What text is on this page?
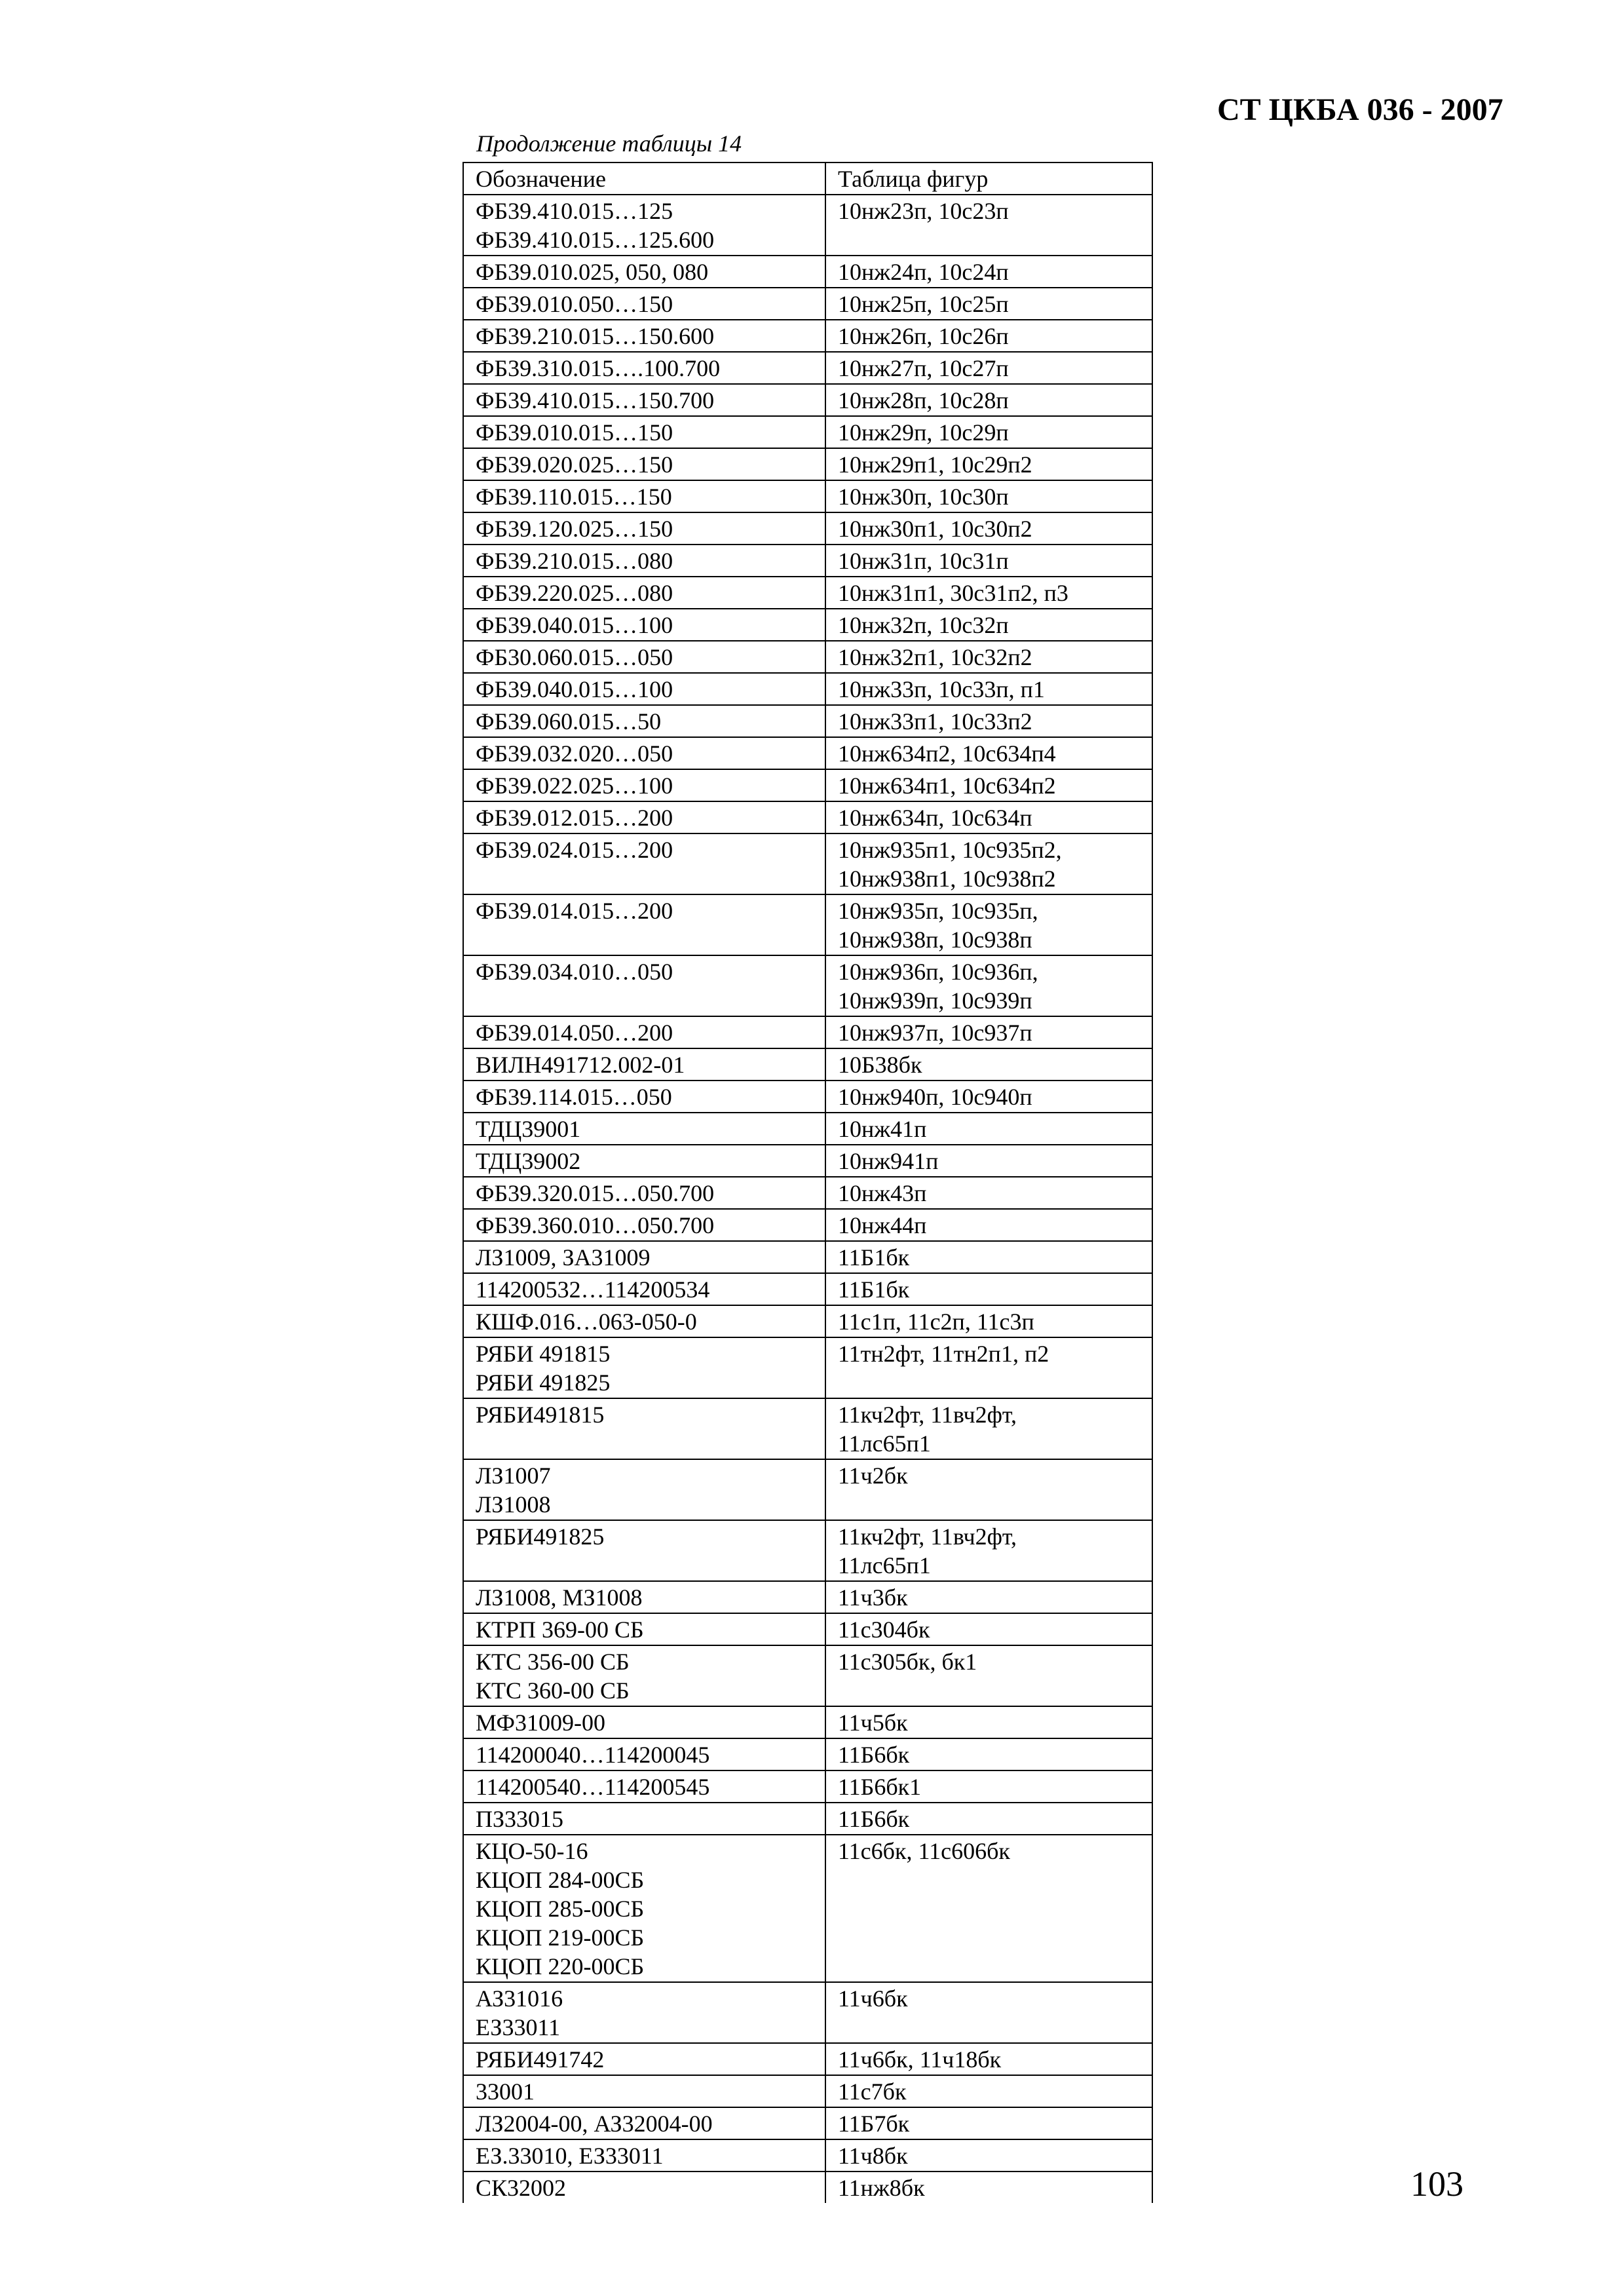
СТ ЦКБА 036 - 2007
Продолжение таблицы 14
Обозначение	Таблица фигур
ФБ39.410.015…125
ФБ39.410.015…125.600	10нж23п, 10с23п
ФБ39.010.025, 050, 080	10нж24п, 10с24п
ФБ39.010.050…150	10нж25п, 10с25п
ФБ39.210.015…150.600	10нж26п, 10с26п
ФБ39.310.015….100.700	10нж27п, 10с27п
ФБ39.410.015…150.700	10нж28п, 10с28п
ФБ39.010.015…150	10нж29п, 10с29п
ФБ39.020.025…150	10нж29п1, 10с29п2
ФБ39.110.015…150	10нж30п, 10с30п
ФБ39.120.025…150	10нж30п1, 10с30п2
ФБ39.210.015…080	10нж31п, 10с31п
ФБ39.220.025…080	10нж31п1, 30с31п2, п3
ФБ39.040.015…100	10нж32п, 10с32п
ФБ30.060.015…050	10нж32п1, 10с32п2
ФБ39.040.015…100	10нж33п, 10с33п, п1
ФБ39.060.015…50	10нж33п1, 10с33п2
ФБ39.032.020…050	10нж634п2, 10с634п4
ФБ39.022.025…100	10нж634п1, 10с634п2
ФБ39.012.015…200	10нж634п, 10с634п
ФБ39.024.015…200	10нж935п1, 10с935п2,
10нж938п1, 10с938п2
ФБ39.014.015…200	10нж935п, 10с935п,
10нж938п, 10с938п
ФБ39.034.010…050	10нж936п, 10с936п,
10нж939п, 10с939п
ФБ39.014.050…200	10нж937п, 10с937п
ВИЛН491712.002-01	10Б38бк
ФБ39.114.015…050	10нж940п, 10с940п
ТДЦ39001	10нж41п
ТДЦ39002	10нж941п
ФБ39.320.015…050.700	10нж43п
ФБ39.360.010…050.700	10нж44п
ЛЗ1009, ЗА31009	11Б1бк
114200532…114200534	11Б1бк
КШФ.016…063-050-0	11с1п, 11с2п, 11с3п
РЯБИ 491815
РЯБИ 491825	11тн2фт, 11тн2п1, п2
РЯБИ491815	11кч2фт, 11вч2фт,
11лс65п1
ЛЗ1007
ЛЗ1008	11ч2бк
РЯБИ491825	11кч2фт, 11вч2фт,
11лс65п1
ЛЗ1008, МЗ1008	11ч3бк
КТРП 369-00 СБ	11с304бк
КТС 356-00 СБ
КТС 360-00 СБ	11с305бк, бк1
МФ31009-00	11ч5бк
114200040…114200045	11Б6бк
114200540…114200545	11Б6бк1
ПЗ33015	11Б6бк
КЦО-50-16
КЦОП 284-00СБ
КЦОП 285-00СБ
КЦОП 219-00СБ
КЦОП 220-00СБ	11с6бк, 11с606бк
АЗ31016
ЕЗ33011	11ч6бк
РЯБИ491742	11ч6бк, 11ч18бк
33001	11с7бк
ЛЗ2004-00, АЗ32004-00	11Б7бк
ЕЗ.33010, ЕЗ33011	11ч8бк
СК32002	11нж8бк	103
